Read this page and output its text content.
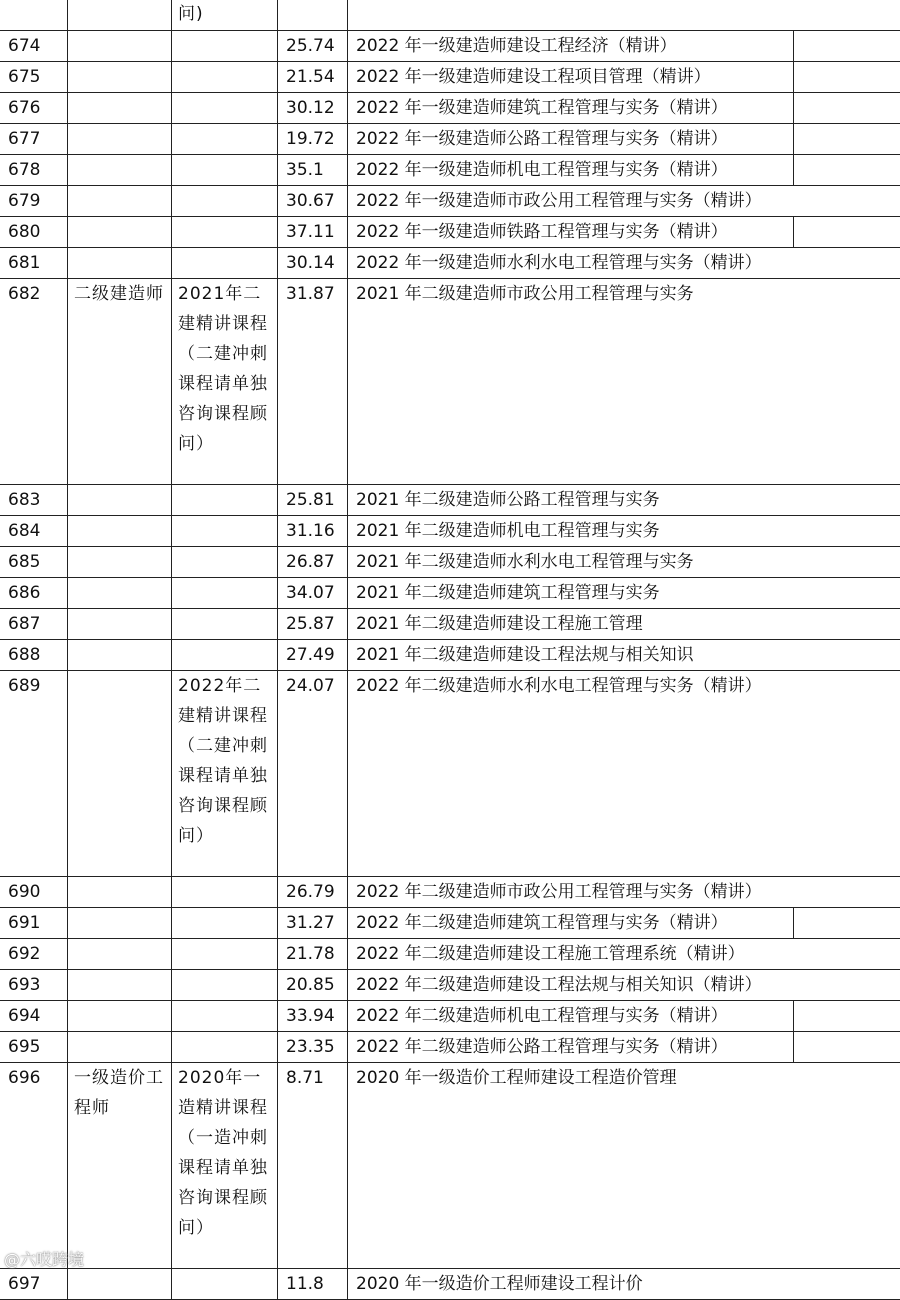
		问)			
674			25.74	2022 年一级建造师建设工程经济（精讲）	
675			21.54	2022 年一级建造师建设工程项目管理（精讲）	
676			30.12	2022 年一级建造师建筑工程管理与实务（精讲）	
677			19.72	2022 年一级建造师公路工程管理与实务（精讲）	
678			35.1	2022 年一级建造师机电工程管理与实务（精讲）	
679			30.67	2022 年一级建造师市政公用工程管理与实务（精讲）	
680			37.11	2022 年一级建造师铁路工程管理与实务（精讲）	
681			30.14	2022 年一级建造师水利水电工程管理与实务（精讲）	
682	二级建造师	2021年二建精讲课程（二建冲刺课程请单独咨询课程顾问）	31.87	2021 年二级建造师市政公用工程管理与实务	
683			25.81	2021 年二级建造师公路工程管理与实务	
684			31.16	2021 年二级建造师机电工程管理与实务	
685			26.87	2021 年二级建造师水利水电工程管理与实务	
686			34.07	2021 年二级建造师建筑工程管理与实务	
687			25.87	2021 年二级建造师建设工程施工管理	
688			27.49	2021 年二级建造师建设工程法规与相关知识	
689		2022年二建精讲课程（二建冲刺课程请单独咨询课程顾问）	24.07	2022 年二级建造师水利水电工程管理与实务（精讲）	
690			26.79	2022 年二级建造师市政公用工程管理与实务（精讲）	
691			31.27	2022 年二级建造师建筑工程管理与实务（精讲）	
692			21.78	2022 年二级建造师建设工程施工管理系统（精讲）	
693			20.85	2022 年二级建造师建设工程法规与相关知识（精讲）	
694			33.94	2022 年二级建造师机电工程管理与实务（精讲）	
695			23.35	2022 年二级建造师公路工程管理与实务（精讲）	
696	一级造价工程师	2020年一造精讲课程（一造冲刺课程请单独咨询课程顾问）	8.71	2020 年一级造价工程师建设工程造价管理	
697			11.8	2020 年一级造价工程师建设工程计价	
@六哎跨境
